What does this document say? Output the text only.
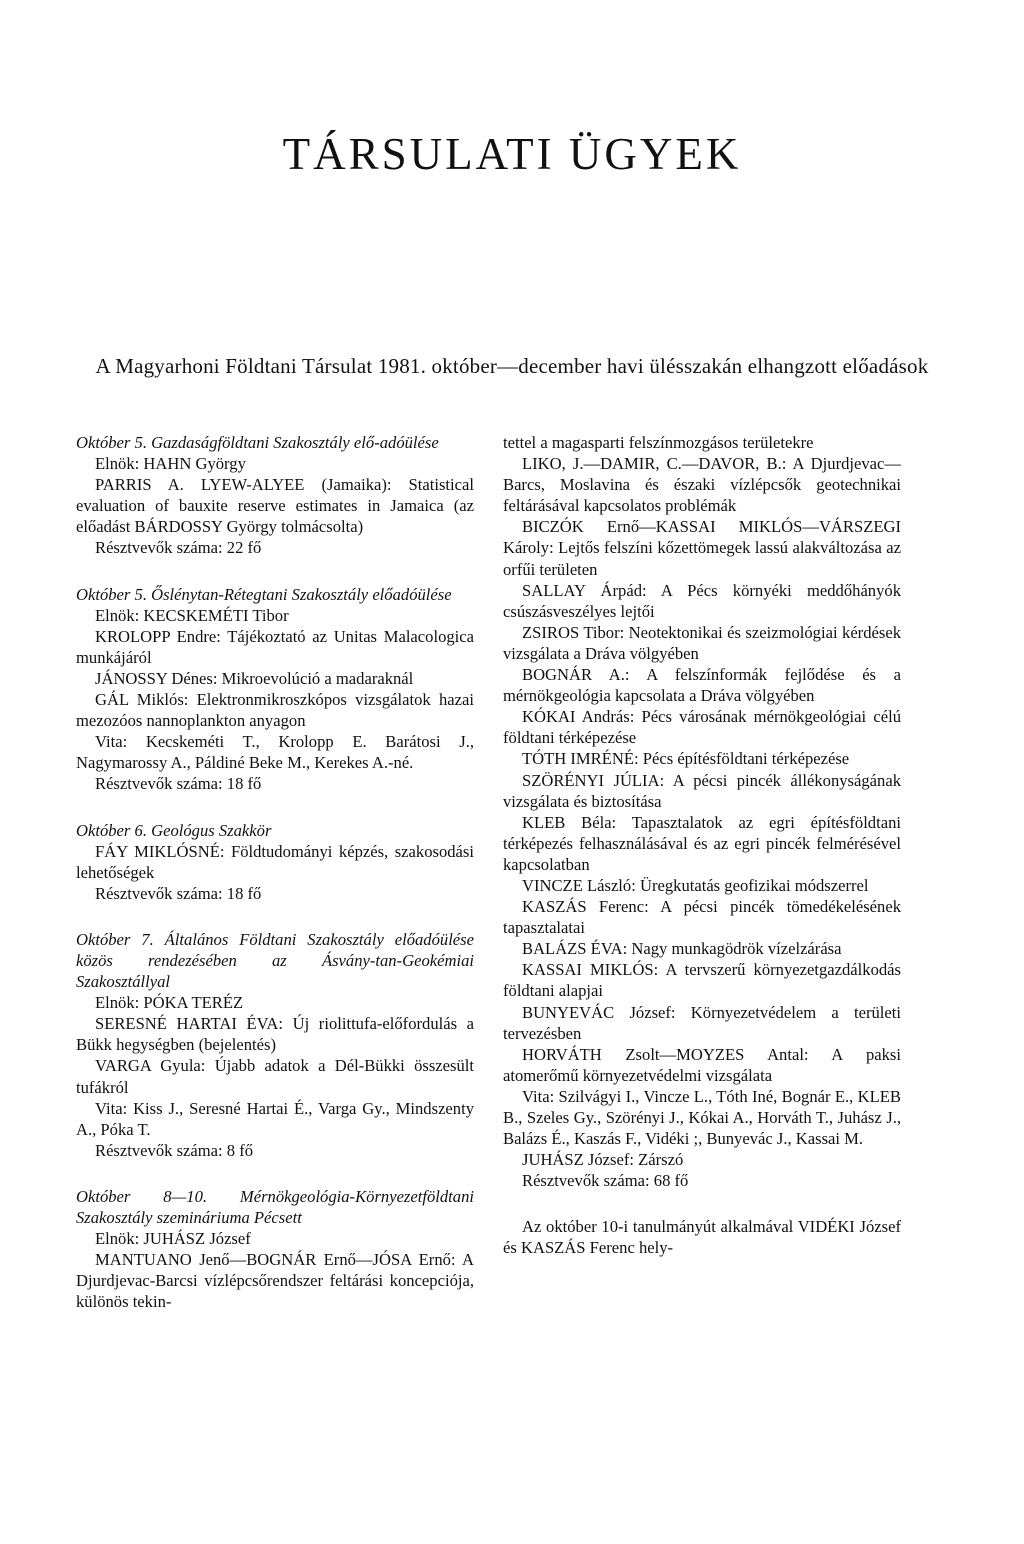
TÁRSULATI ÜGYEK

A Magyarhoni Földtani Társulat 1981. október—december havi ülésszakán elhangzott előadások

Október 5. Gazdaságföldtani Szakosztály elő-adóülése

Elnök: HAHN György

PARRIS A. LYEW-ALYEE (Jamaika): Statistical evaluation of bauxite reserve estimates in Jamaica (az előadást BÁRDOSSY György tolmácsolta)

Résztvevők száma: 22 fő

Október 5. Őslénytan-Rétegtani Szakosztály előadóülése

Elnök: KECSKEMÉTI Tibor

KROLOPP Endre: Tájékoztató az Unitas Malacologica munkájáról

JÁNOSSY Dénes: Mikroevolúció a madaraknál

GÁL Miklós: Elektronmikroszkópos vizsgálatok hazai mezozóos nannoplankton anyagon

Vita: Kecskeméti T., Krolopp E. Barátosi J., Nagymarossy A., Páldiné Beke M., Kerekes A.-né.

Résztvevők száma: 18 fő

Október 6. Geológus Szakkör

FÁY MIKLÓSNÉ: Földtudományi képzés, szakosodási lehetőségek

Résztvevők száma: 18 fő

Október 7. Általános Földtani Szakosztály előadóülése közös rendezésében az Ásvány-tan-Geokémiai Szakosztállyal

Elnök: PÓKA TERÉZ

SERESNÉ HARTAI ÉVA: Új riolittufa-előfordulás a Bükk hegységben (bejelentés)

VARGA Gyula: Újabb adatok a Dél-Bükki összesült tufákról

Vita: Kiss J., Seresné Hartai É., Varga Gy., Mindszenty A., Póka T.

Résztvevők száma: 8 fő

Október 8—10. Mérnökgeológia-Környezetföldtani Szakosztály szemináriuma Pécsett

Elnök: JUHÁSZ József

MANTUANO Jenő—BOGNÁR Ernő—JÓSA Ernő: A Djurdjevac-Barcsi vízlépcsőrendszer feltárási koncepciója, különös tekin-

tettel a magasparti felszínmozgásos területekre

LIKO, J.—DAMIR, C.—DAVOR, B.: A Djurdjevac—Barcs, Moslavina és északi vízlépcsők geotechnikai feltárásával kapcsolatos problémák

BICZÓK Ernő—KASSAI MIKLÓS—VÁRSZEGI Károly: Lejtős felszíni kőzettömegek lassú alakváltozása az orfűi területen

SALLAY Árpád: A Pécs környéki meddőhányók csúszásveszélyes lejtői

ZSIROS Tibor: Neotektonikai és szeizmológiai kérdések vizsgálata a Dráva völgyében

BOGNÁR A.: A felszínformák fejlődése és a mérnökgeológia kapcsolata a Dráva völgyében

KÓKAI András: Pécs városának mérnökgeológiai célú földtani térképezése

TÓTH IMRÉNÉ: Pécs építésföldtani térképezése

SZÖRÉNYI JÚLIA: A pécsi pincék állékonyságának vizsgálata és biztosítása

KLEB Béla: Tapasztalatok az egri építésföldtani térképezés felhasználásával és az egri pincék felmérésével kapcsolatban

VINCZE László: Üregkutatás geofizikai módszerrel

KASZÁS Ferenc: A pécsi pincék tömedékelésének tapasztalatai

BALÁZS ÉVA: Nagy munkagödrök vízelzárása

KASSAI MIKLÓS: A tervszerű környezetgazdálkodás földtani alapjai

BUNYEVÁC József: Környezetvédelem a területi tervezésben

HORVÁTH Zsolt—MOYZES Antal: A paksi atomerőmű környezetvédelmi vizsgálata

Vita: Szilvágyi I., Vincze L., Tóth Iné, Bognár E., KLEB B., Szeles Gy., Szörényi J., Kókai A., Horváth T., Juhász J., Balázs É., Kaszás F., Vidéki ;, Bunyevác J., Kassai M.

JUHÁSZ József: Zárszó

Résztvevők száma: 68 fő

Az október 10-i tanulmányút alkalmával VIDÉKI József és KASZÁS Ferenc hely-
